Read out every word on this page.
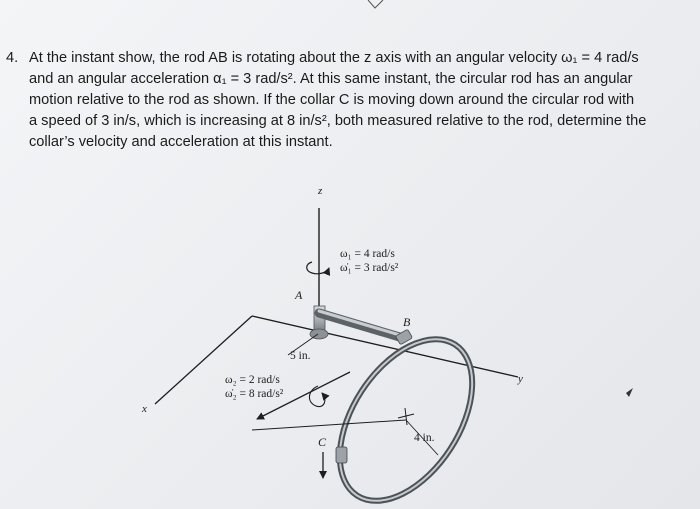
4. At the instant show, the rod AB is rotating about the z axis with an angular velocity ω₁ = 4 rad/s
and an angular acceleration α₁ = 3 rad/s². At this same instant, the circular rod has an angular
motion relative to the rod as shown. If the collar C is moving down around the circular rod with
a speed of 3 in/s, which is increasing at 8 in/s², both measured relative to the rod, determine the
collar’s velocity and acceleration at this instant.
z
ω₁ = 4 rad/s
ω̇₁ = 3 rad/s²
A
y
x
B
5 in.
ω₂ = 2 rad/s
ω̇₂ = 8 rad/s²
4 in.
C
